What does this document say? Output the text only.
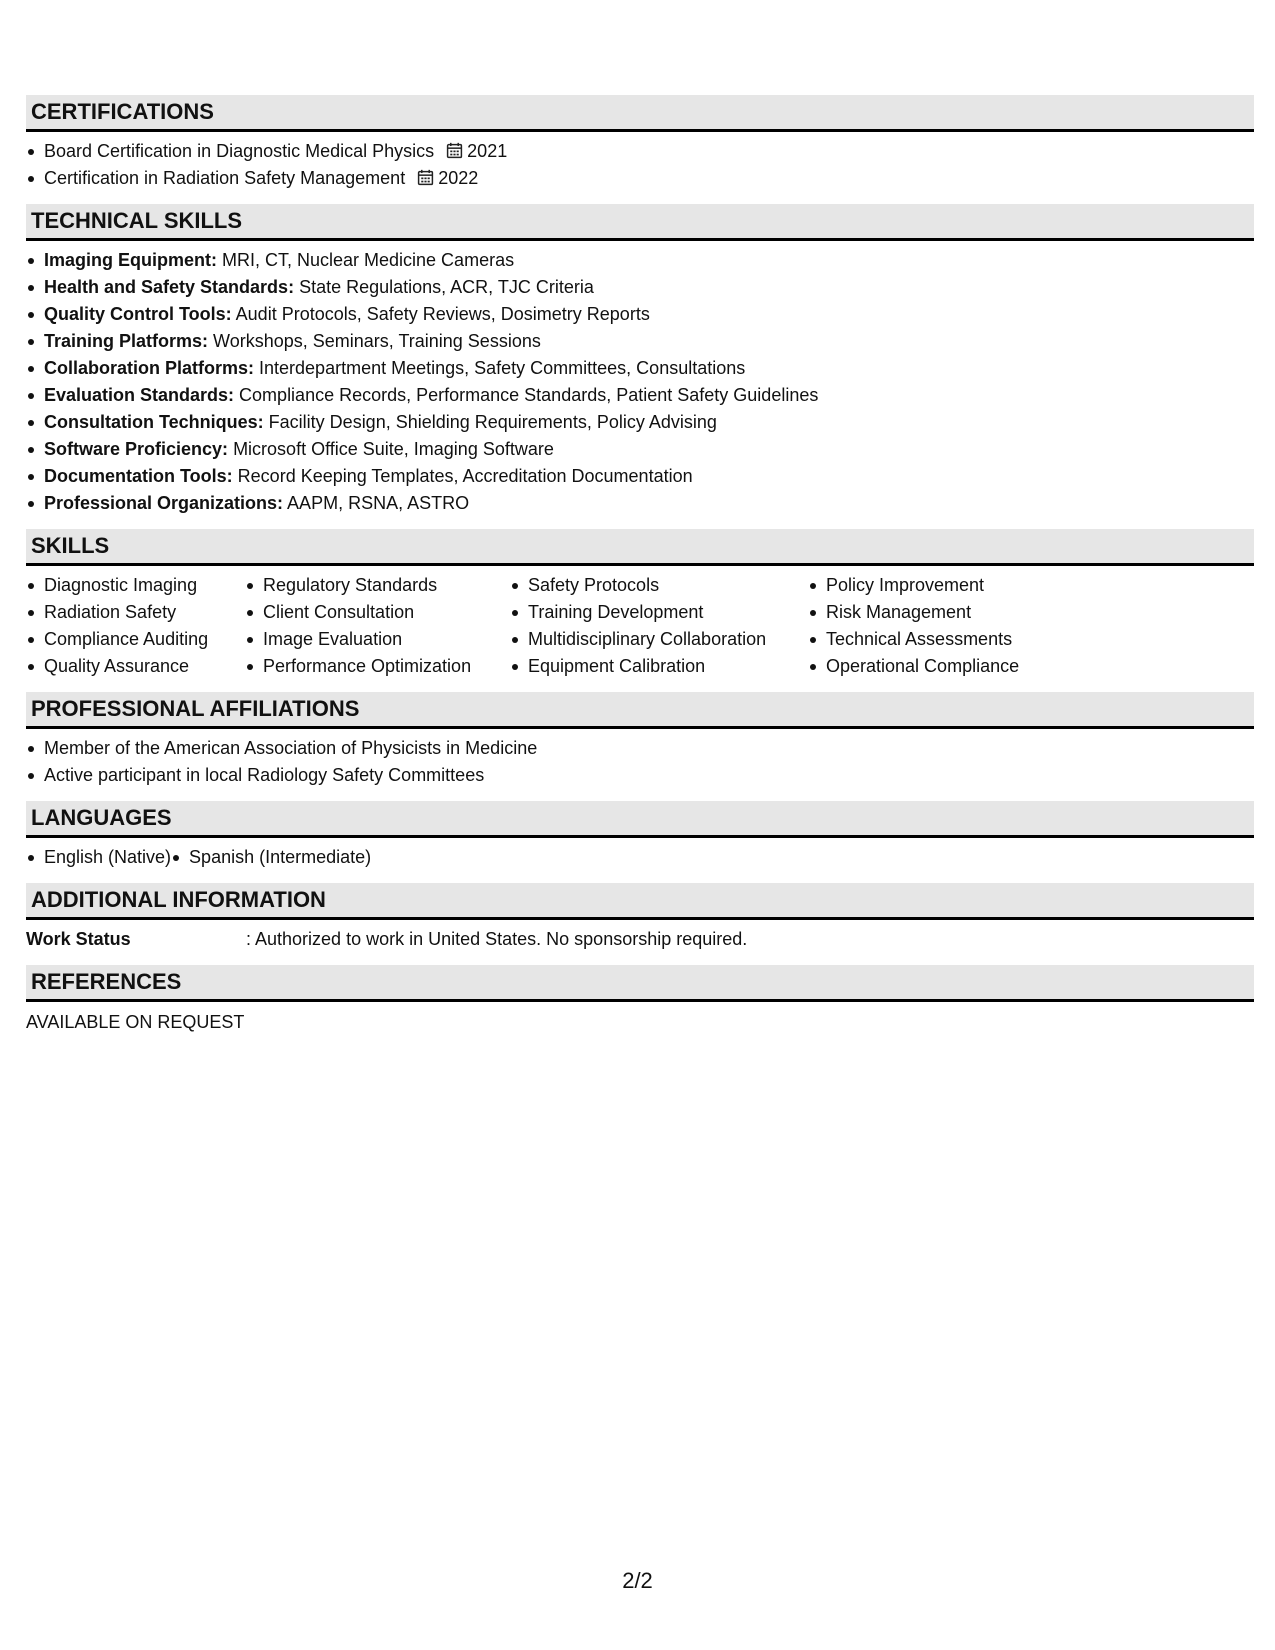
CERTIFICATIONS
Board Certification in Diagnostic Medical Physics 2021
Certification in Radiation Safety Management 2022
TECHNICAL SKILLS
Imaging Equipment: MRI, CT, Nuclear Medicine Cameras
Health and Safety Standards: State Regulations, ACR, TJC Criteria
Quality Control Tools: Audit Protocols, Safety Reviews, Dosimetry Reports
Training Platforms: Workshops, Seminars, Training Sessions
Collaboration Platforms: Interdepartment Meetings, Safety Committees, Consultations
Evaluation Standards: Compliance Records, Performance Standards, Patient Safety Guidelines
Consultation Techniques: Facility Design, Shielding Requirements, Policy Advising
Software Proficiency: Microsoft Office Suite, Imaging Software
Documentation Tools: Record Keeping Templates, Accreditation Documentation
Professional Organizations: AAPM, RSNA, ASTRO
SKILLS
Diagnostic Imaging
Radiation Safety
Compliance Auditing
Quality Assurance
Regulatory Standards
Client Consultation
Image Evaluation
Performance Optimization
Safety Protocols
Training Development
Multidisciplinary Collaboration
Equipment Calibration
Policy Improvement
Risk Management
Technical Assessments
Operational Compliance
PROFESSIONAL AFFILIATIONS
Member of the American Association of Physicists in Medicine
Active participant in local Radiology Safety Committees
LANGUAGES
English (Native)	Spanish (Intermediate)
ADDITIONAL INFORMATION
Work Status	: Authorized to work in United States. No sponsorship required.
REFERENCES
AVAILABLE ON REQUEST
2/2
